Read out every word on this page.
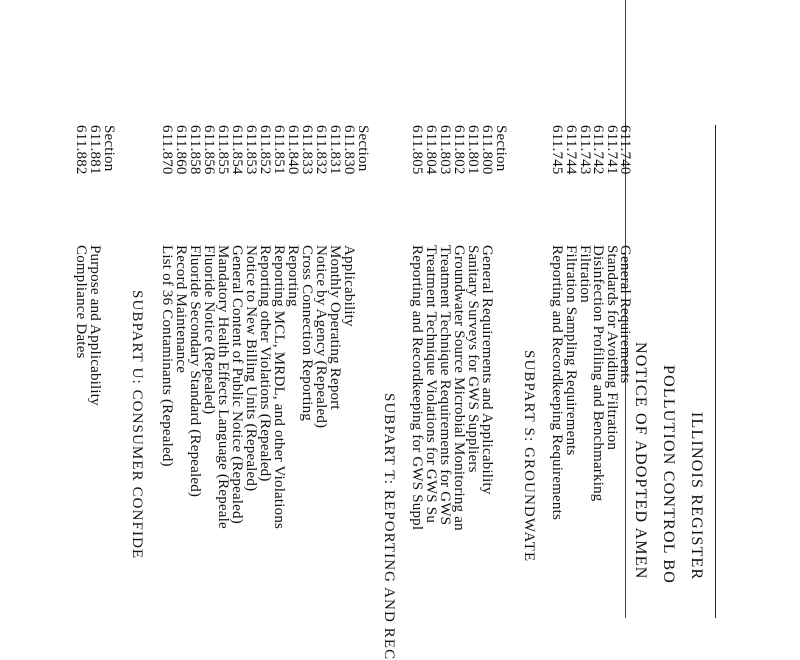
ILLINOIS REGISTER
POLLUTION CONTROL BO
NOTICE OF ADOPTED AMEN
611.740
611.741
611.742
611.743
611.744
611.745
General Requirements
Standards for Avoiding Filtration
Disinfection Profiling and Benchmarking
Filtration
Filtration Sampling Requirements
Reporting and Recordkeeping Requirements
SUBPART S: GROUNDWATE
Section
611.800
611.801
611.802
611.803
611.804
611.805
General Requirements and Applicability
Sanitary Surveys for GWS Suppliers
Groundwater Source Microbial Monitoring an
Treatment Technique Requirements for GWS
Treatment Technique Violations for GWS Su
Reporting and Recordkeeping for GWS Suppl
SUBPART T: REPORTING AND REC
Section
611.830
611.831
611.832
611.833
611.840
611.851
611.852
611.853
611.854
611.855
611.856
611.858
611.860
611.870
Applicability
Monthly Operating Report
Notice by Agency (Repealed)
Cross Connection Reporting
Reporting
Reporting MCL, MRDL, and other Violations
Reporting other Violations (Repealed)
Notice to New Billing Units (Repealed)
General Content of Public Notice (Repealed)
Mandatory Health Effects Language (Repeale
Fluoride Notice (Repealed)
Fluoride Secondary Standard (Repealed)
Record Maintenance
List of 36 Contaminants (Repealed)
SUBPART U: CONSUMER CONFIDE
Section
611.881
611.882
Purpose and Applicability
Compliance Dates
